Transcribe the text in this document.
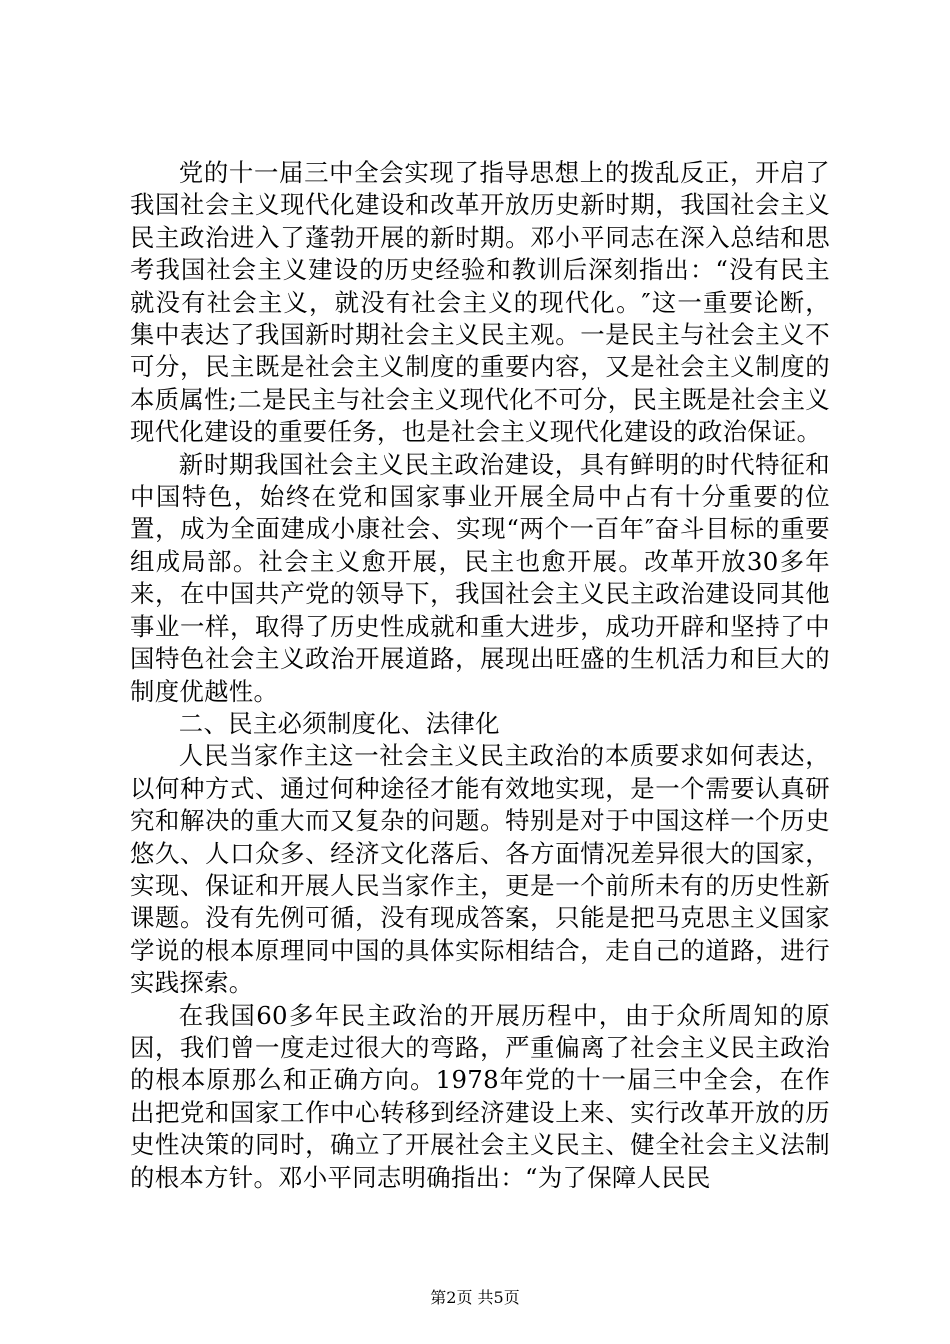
党的十一届三中全会实现了指导思想上的拨乱反正，开启了我国社会主义现代化建设和改革开放历史新时期，我国社会主义民主政治进入了蓬勃开展的新时期。邓小平同志在深入总结和思考我国社会主义建设的历史经验和教训后深刻指出：“没有民主就没有社会主义，就没有社会主义的现代化。″这一重要论断，集中表达了我国新时期社会主义民主观。一是民主与社会主义不可分，民主既是社会主义制度的重要内容，又是社会主义制度的本质属性;二是民主与社会主义现代化不可分，民主既是社会主义现代化建设的重要任务，也是社会主义现代化建设的政治保证。

新时期我国社会主义民主政治建设，具有鲜明的时代特征和中国特色，始终在党和国家事业开展全局中占有十分重要的位置，成为全面建成小康社会、实现“两个一百年″奋斗目标的重要组成局部。社会主义愈开展，民主也愈开展。改革开放30多年来，在中国共产党的领导下，我国社会主义民主政治建设同其他事业一样，取得了历史性成就和重大进步，成功开辟和坚持了中国特色社会主义政治开展道路，展现出旺盛的生机活力和巨大的制度优越性。

二、民主必须制度化、法律化

人民当家作主这一社会主义民主政治的本质要求如何表达，以何种方式、通过何种途径才能有效地实现，是一个需要认真研究和解决的重大而又复杂的问题。特别是对于中国这样一个历史悠久、人口众多、经济文化落后、各方面情况差异很大的国家，实现、保证和开展人民当家作主，更是一个前所未有的历史性新课题。没有先例可循，没有现成答案，只能是把马克思主义国家学说的根本原理同中国的具体实际相结合，走自己的道路，进行实践探索。

在我国60多年民主政治的开展历程中，由于众所周知的原因，我们曾一度走过很大的弯路，严重偏离了社会主义民主政治的根本原那么和正确方向。1978年党的十一届三中全会，在作出把党和国家工作中心转移到经济建设上来、实行改革开放的历史性决策的同时，确立了开展社会主义民主、健全社会主义法制的根本方针。邓小平同志明确指出：“为了保障人民民

第2页 共5页
